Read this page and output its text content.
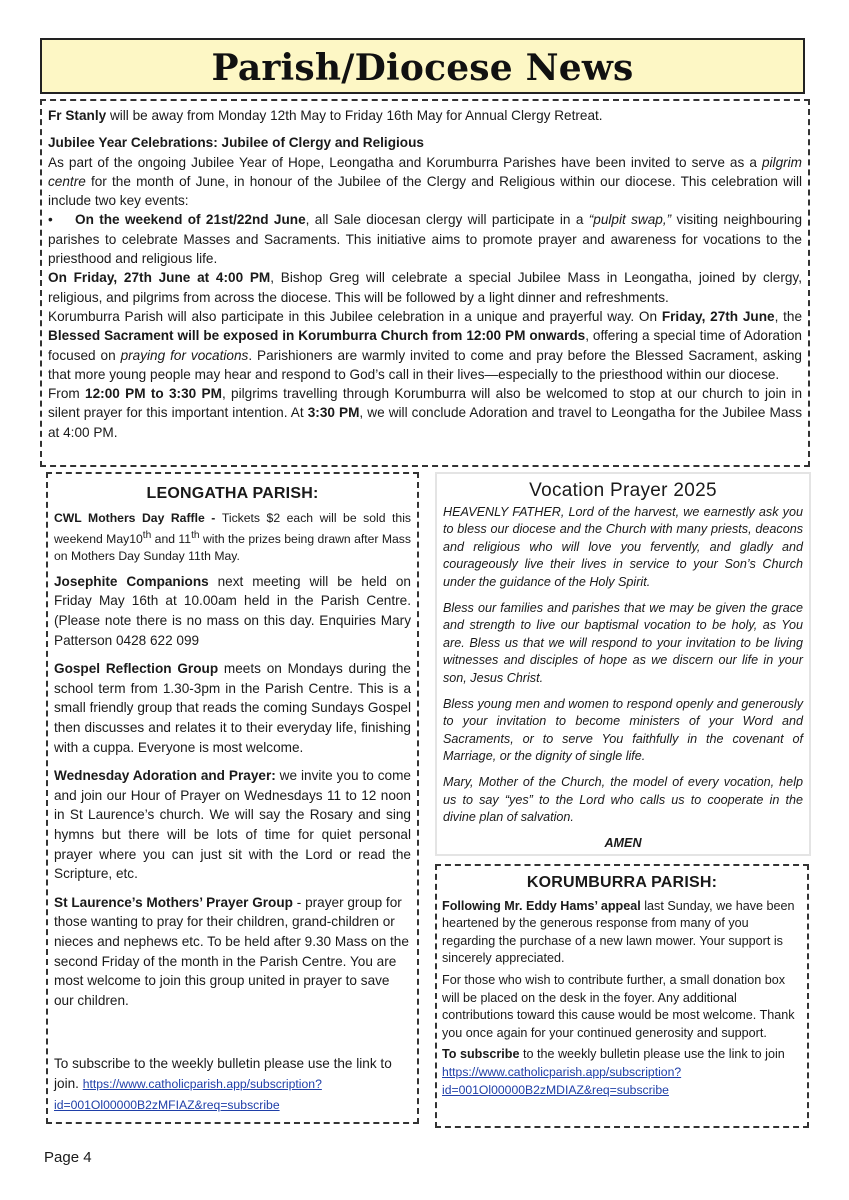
Parish/Diocese News

Fr Stanly will be away from Monday 12th May to Friday 16th May for Annual Clergy Retreat.

Jubilee Year Celebrations: Jubilee of Clergy and Religious

As part of the ongoing Jubilee Year of Hope, Leongatha and Korumburra Parishes have been invited to serve as a pilgrim centre for the month of June, in honour of the Jubilee of the Clergy and Religious within our diocese. This celebration will include two key events:

• On the weekend of 21st/22nd June, all Sale diocesan clergy will participate in a “pulpit swap,” visiting neighbouring parishes to celebrate Masses and Sacraments. This initiative aims to promote prayer and awareness for vocations to the priesthood and religious life.

On Friday, 27th June at 4:00 PM, Bishop Greg will celebrate a special Jubilee Mass in Leongatha, joined by clergy, religious, and pilgrims from across the diocese. This will be followed by a light dinner and refreshments.

Korumburra Parish will also participate in this Jubilee celebration in a unique and prayerful way. On Friday, 27th June, the Blessed Sacrament will be exposed in Korumburra Church from 12:00 PM onwards, offering a special time of Adoration focused on praying for vocations. Parishioners are warmly invited to come and pray before the Blessed Sacrament, asking that more young people may hear and respond to God’s call in their lives—especially to the priesthood within our diocese.

From 12:00 PM to 3:30 PM, pilgrims travelling through Korumburra will also be welcomed to stop at our church to join in silent prayer for this important intention. At 3:30 PM, we will conclude Adoration and travel to Leongatha for the Jubilee Mass at 4:00 PM.

LEONGATHA PARISH:

CWL Mothers Day Raffle - Tickets $2 each will be sold this weekend May10th and 11th with the prizes being drawn after Mass on Mothers Day Sunday 11th May.

Josephite Companions next meeting will be held on Friday May 16th at 10.00am held in the Parish Centre. (Please note there is no mass on this day. Enquiries Mary Patterson 0428 622 099

Gospel Reflection Group meets on Mondays during the school term from 1.30-3pm in the Parish Centre. This is a small friendly group that reads the coming Sundays Gospel then discusses and relates it to their everyday life, finishing with a cuppa. Everyone is most welcome.

Wednesday Adoration and Prayer: we invite you to come and join our Hour of Prayer on Wednesdays 11 to 12 noon in St Laurence’s church. We will say the Rosary and sing hymns but there will be lots of time for quiet personal prayer where you can just sit with the Lord or read the Scripture, etc.

St Laurence’s Mothers’ Prayer Group - prayer group for those wanting to pray for their children, grand-children or nieces and nephews etc. To be held after 9.30 Mass on the second Friday of the month in the Parish Centre. You are most welcome to join this group united in prayer to save our children.

To subscribe to the weekly bulletin please use the link to join. https://www.catholicparish.app/subscription?id=001Ol00000B2zMFIAZ&req=subscribe

Vocation Prayer 2025

HEAVENLY FATHER, Lord of the harvest, we earnestly ask you to bless our diocese and the Church with many priests, deacons and religious who will love you fervently, and gladly and courageously live their lives in service to your Son’s Church under the guidance of the Holy Spirit.

Bless our families and parishes that we may be given the grace and strength to live our baptismal vocation to be holy, as You are. Bless us that we will respond to your invitation to be living witnesses and disciples of hope as we discern our life in your son, Jesus Christ.

Bless young men and women to respond openly and generously to your invitation to become ministers of your Word and Sacraments, or to serve You faithfully in the covenant of Marriage, or the dignity of single life.

Mary, Mother of the Church, the model of every vocation, help us to say “yes” to the Lord who calls us to cooperate in the divine plan of salvation.

AMEN

KORUMBURRA PARISH:

Following Mr. Eddy Hams’ appeal last Sunday, we have been heartened by the generous response from many of you regarding the purchase of a new lawn mower. Your support is sincerely appreciated.

For those who wish to contribute further, a small donation box will be placed on the desk in the foyer. Any additional contributions toward this cause would be most welcome. Thank you once again for your continued generosity and support.

To subscribe to the weekly bulletin please use the link to join
https://www.catholicparish.app/subscription?id=001Ol00000B2zMDIAZ&req=subscribe

Page 4
